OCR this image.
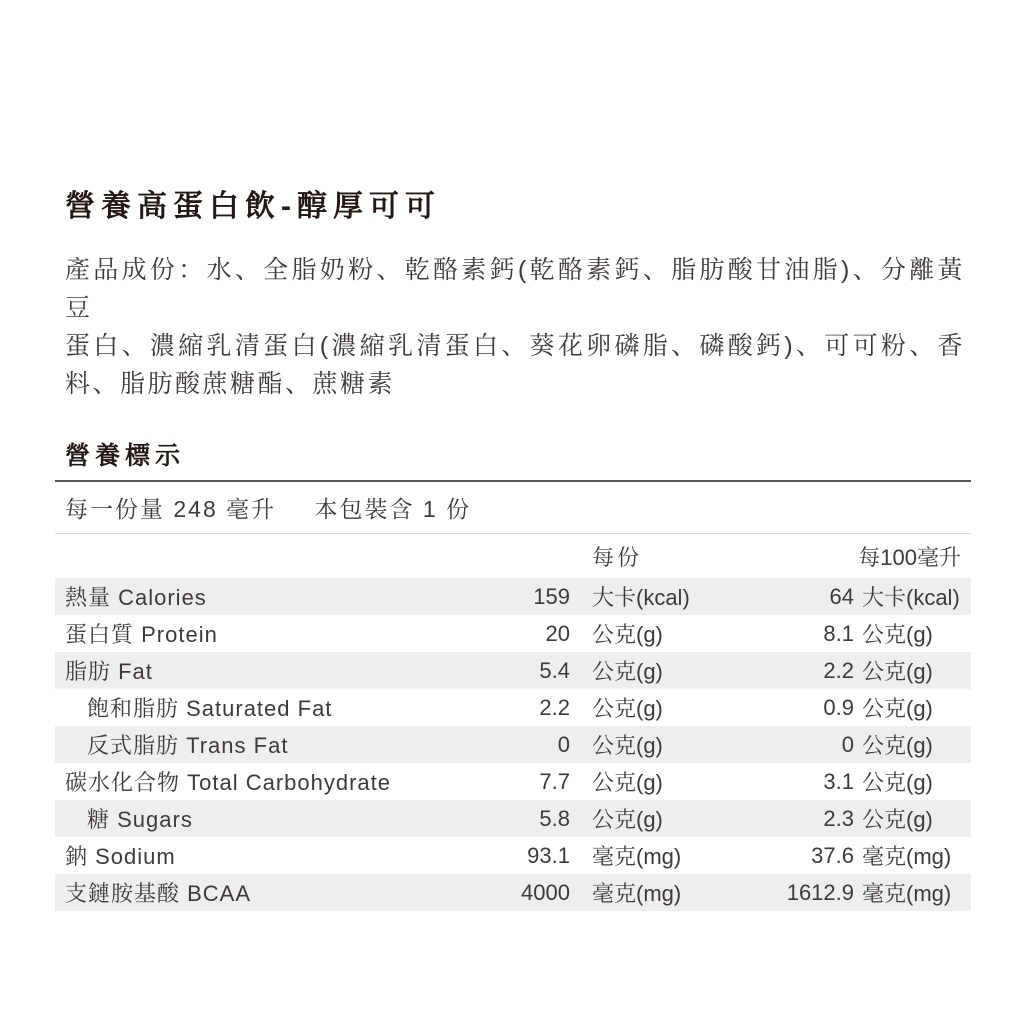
營養高蛋白飲-醇厚可可

產品成份：水、全脂奶粉、乾酪素鈣(乾酪素鈣、脂肪酸甘油脂)、分離黃豆
蛋白、濃縮乳清蛋白(濃縮乳清蛋白、葵花卵磷脂、磷酸鈣)、可可粉、香
料、脂肪酸蔗糖酯、蔗糖素

營養標示
每一份量 248 毫升 本包裝含 1 份
每份	每100毫升
熱量 Calories	159	大卡(kcal)	64 大卡(kcal)
蛋白質 Protein	20	公克(g)	8.1 公克(g)
脂肪 Fat	5.4	公克(g)	2.2 公克(g)
飽和脂肪 Saturated Fat	2.2	公克(g)	0.9 公克(g)
反式脂肪 Trans Fat	0	公克(g)	0 公克(g)
碳水化合物 Total Carbohydrate	7.7	公克(g)	3.1 公克(g)
糖 Sugars	5.8	公克(g)	2.3 公克(g)
鈉 Sodium	93.1	毫克(mg)	37.6 毫克(mg)
支鏈胺基酸 BCAA	4000	毫克(mg)	1612.9 毫克(mg)
